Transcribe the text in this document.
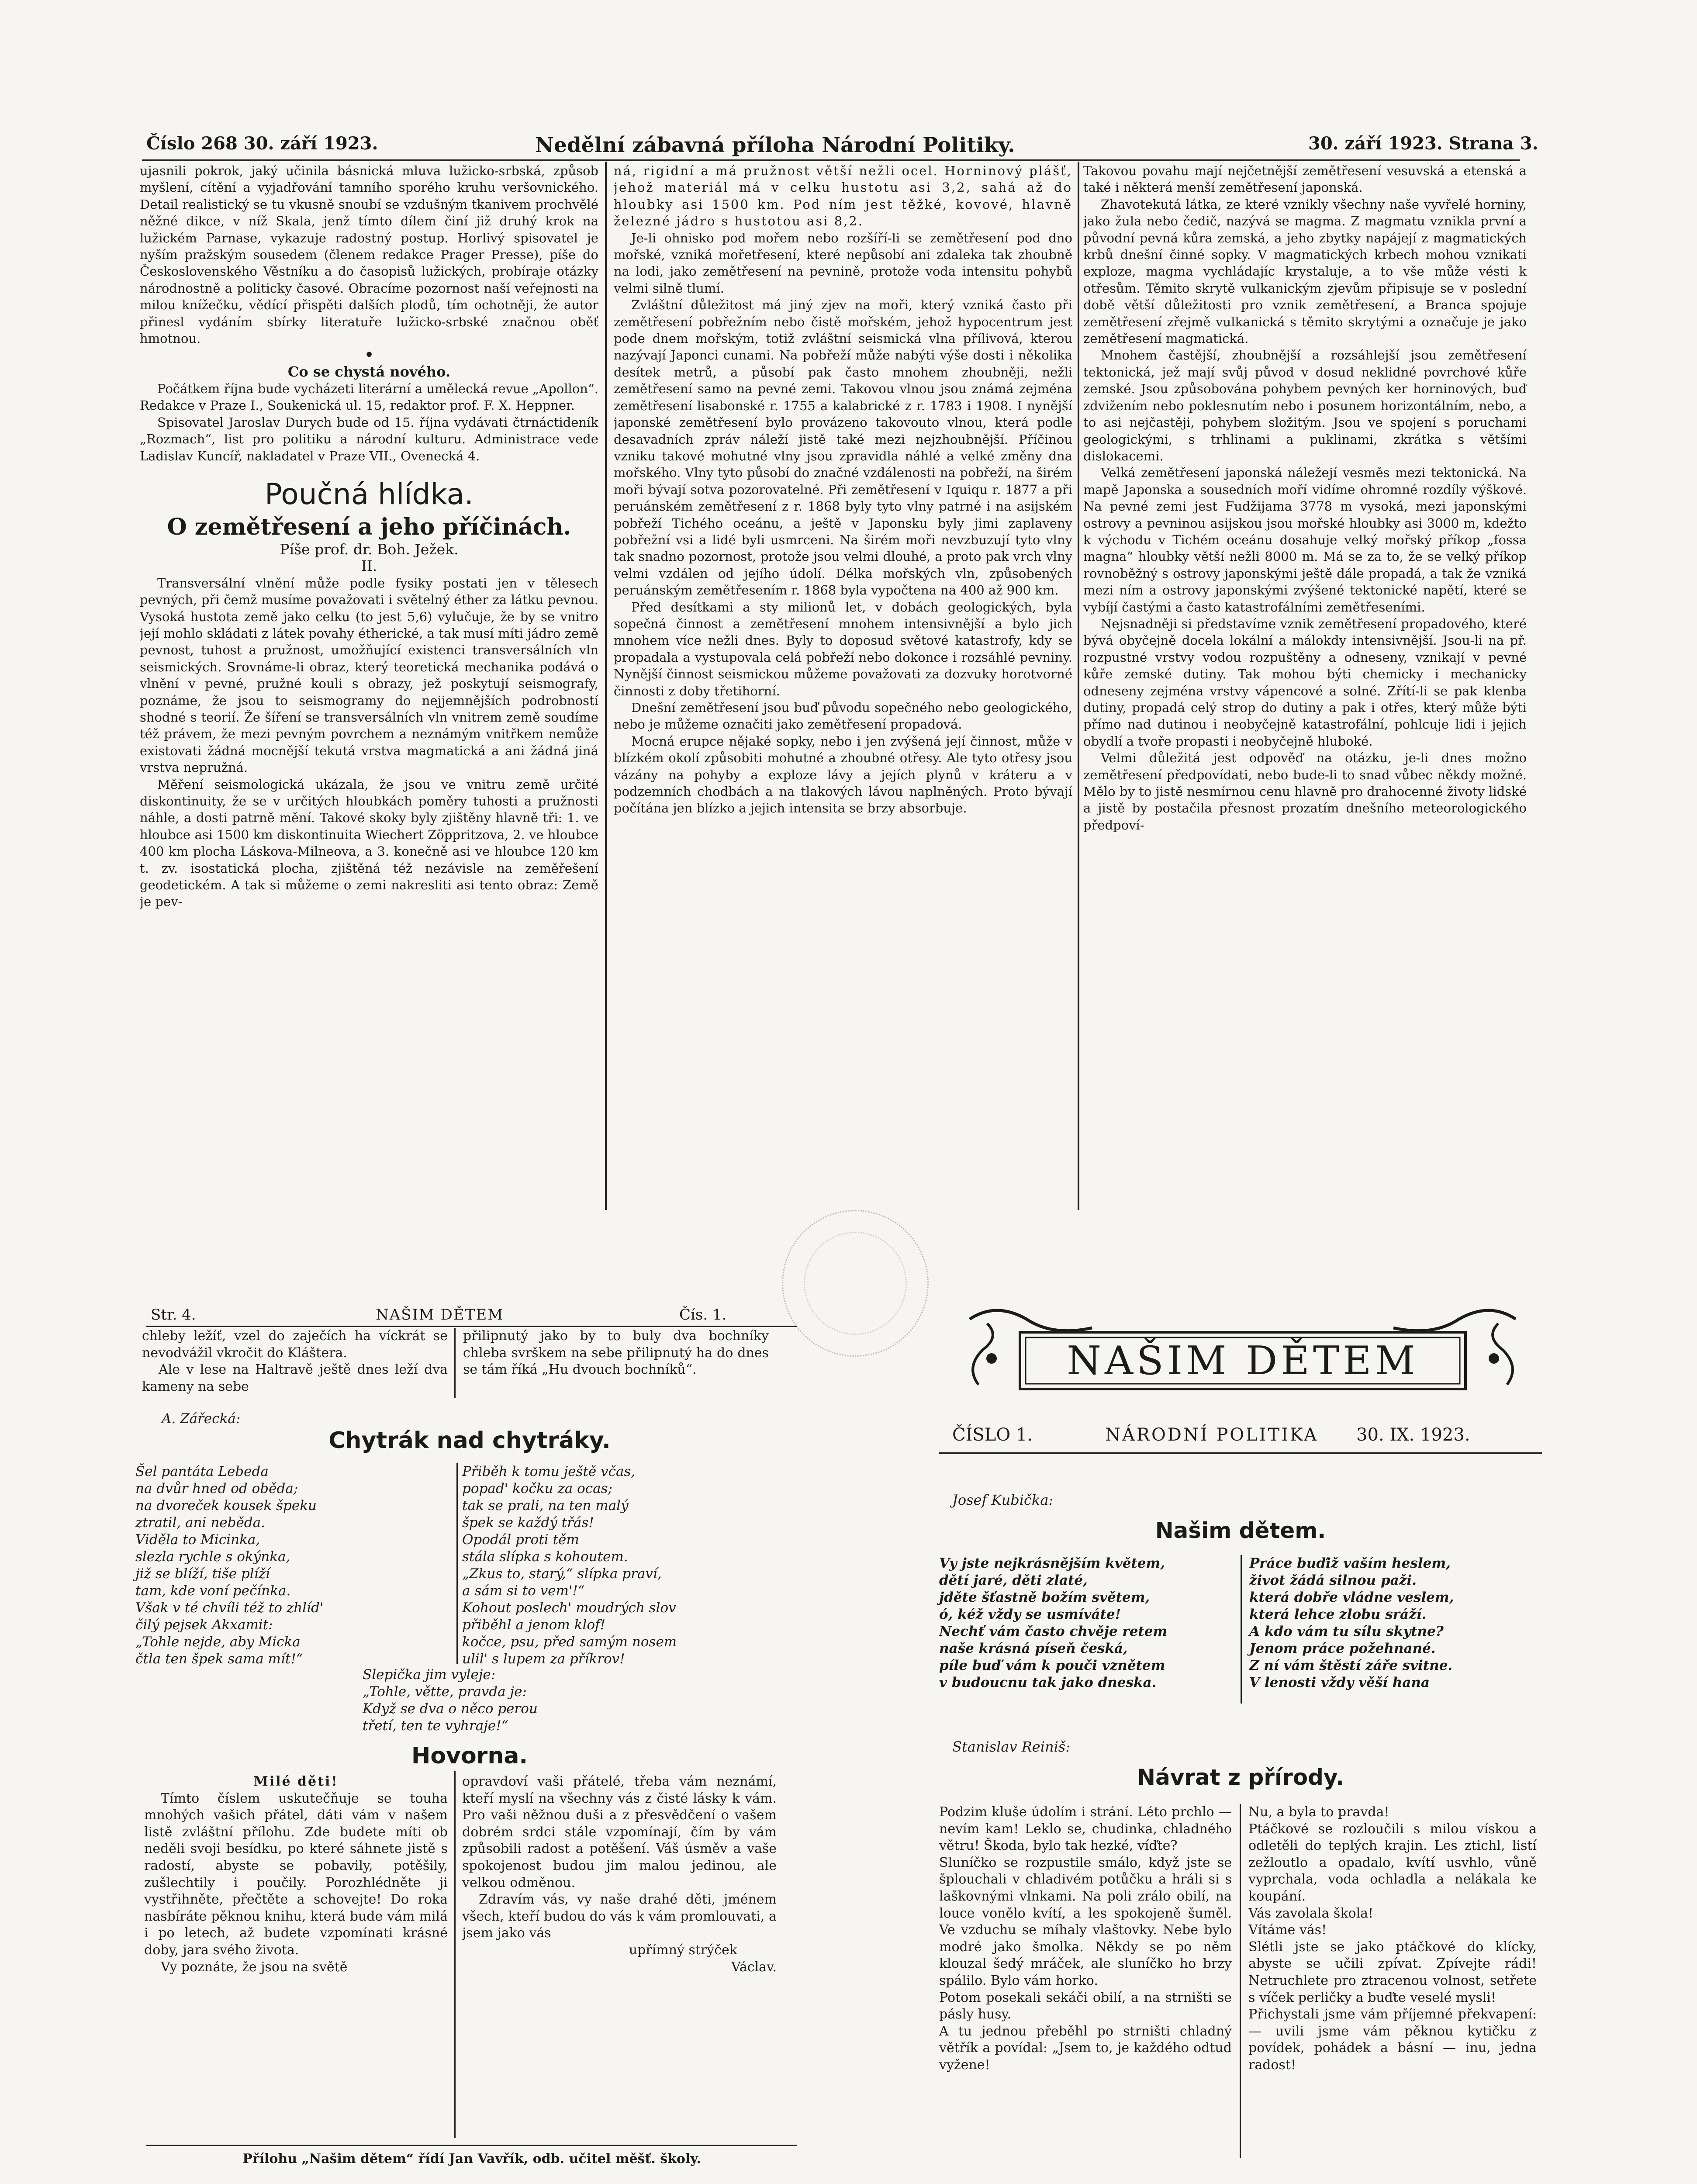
Číslo 268 30. září 1923.	Nedělní zábavná příloha Národní Politiky.	30. září 1923. Strana 3.

ujasnili pokrok, jaký učinila básnická mluva lužicko-srbská, způsob myšlení, cítění a vyjadřování tamního sporého kruhu veršovnického. Detail realistický se tu vkusně snoubí se vzdušným tkanivem prochvělé něžné dikce, v níž Skala, jenž tímto dílem činí již druhý krok na lužickém Parnase, vykazuje radostný postup. Horlivý spisovatel je nyším pražským sousedem (členem redakce Prager Presse), píše do Československého Věstníku a do časopisů lužických, probíraje otázky národnostně a politicky časové. Obracíme pozornost naší veřejnosti na milou knížečku, vědící přispěti dalších plodů, tím ochotněji, že autor přinesl vydáním sbírky literatuře lužicko-srbské značnou oběť hmotnou.

•

Co se chystá nového.

Počátkem října bude vycházeti literární a umělecká revue „Apollon“. Redakce v Praze I., Soukenická ul. 15, redaktor prof. F. X. Heppner.

Spisovatel Jaroslav Durych bude od 15. října vydávati čtrnáctideník „Rozmach“, list pro politiku a národní kulturu. Administrace vede Ladislav Kuncíř, nakladatel v Praze VII., Ovenecká 4.

Poučná hlídka.

O zemětřesení a jeho příčinách.

Píše prof. dr. Boh. Ježek.

II.

Transversální vlnění může podle fysiky postati jen v tělesech pevných, při čemž musíme považovati i světelný éther za látku pevnou. Vysoká hustota země jako celku (to jest 5,6) vylučuje, že by se vnitro její mohlo skládati z látek povahy étherické, a tak musí míti jádro země pevnost, tuhost a pružnost, umožňující existenci transversálních vln seismických. Srovnáme-li obraz, který teoretická mechanika podává o vlnění v pevné, pružné kouli s obrazy, jež poskytují seismografy, poznáme, že jsou to seismogramy do nejjemnějších podrobností shodné s teorií. Že šíření se transversálních vln vnitrem země soudíme též právem, že mezi pevným povrchem a neznámým vnitřkem nemůže existovati žádná mocnější tekutá vrstva magmatická a ani žádná jiná vrstva nepružná.

Měření seismologická ukázala, že jsou ve vnitru země určité diskontinuity, že se v určitých hloubkách poměry tuhosti a pružnosti náhle, a dosti patrně mění. Takové skoky byly zjištěny hlavně tři: 1. ve hloubce asi 1500 km diskontinuita Wiechert Zöppritzova, 2. ve hloubce 400 km plocha Láskova-Milneova, a 3. konečně asi ve hloubce 120 km t. zv. isostatická plocha, zjištěná též nezávisle na zeměřešení geodetickém. A tak si můžeme o zemi nakresliti asi tento obraz: Země je pev-

ná, rigidní a má pružnost větší nežli ocel. Horninový plášť, jehož materiál má v celku hustotu asi 3,2, sahá až do hloubky asi 1500 km. Pod ním jest těžké, kovové, hlavně železné jádro s hustotou asi 8,2.

Je-li ohnisko pod mořem nebo rozšíří-li se zemětřesení pod dno mořské, vzniká mořetřesení, které nepůsobí ani zdaleka tak zhoubně na lodi, jako zemětřesení na pevnině, protože voda intensitu pohybů velmi silně tlumí.

Zvláštní důležitost má jiný zjev na moři, který vzniká často při zemětřesení pobřežním nebo čistě mořském, jehož hypocentrum jest pode dnem mořským, totiž zvláštní seismická vlna přílivová, kterou nazývají Japonci cunami. Na pobřeží může nabýti výše dosti i několika desítek metrů, a působí pak často mnohem zhoubněji, nežli zemětřesení samo na pevné zemi. Takovou vlnou jsou známá zejména zemětřesení lisabonské r. 1755 a kalabrické z r. 1783 i 1908. I nynější japonské zemětřesení bylo provázeno takovouto vlnou, která podle desavadních zpráv náleží jistě také mezi nejzhoubnější. Příčinou vzniku takové mohutné vlny jsou zpravidla náhlé a velké změny dna mořského. Vlny tyto působí do značné vzdálenosti na pobřeží, na širém moři bývají sotva pozorovatelné. Při zemětřesení v Iquiqu r. 1877 a při peruánském zemětřesení z r. 1868 byly tyto vlny patrné i na asijském pobřeží Tichého oceánu, a ještě v Japonsku byly jimi zaplaveny pobřežní vsi a lidé byli usmrceni. Na širém moři nevzbuzují tyto vlny tak snadno pozornost, protože jsou velmi dlouhé, a proto pak vrch vlny velmi vzdálen od jejího údolí. Délka mořských vln, způsobených peruánským zemětřesením r. 1868 byla vypočtena na 400 až 900 km.

Před desítkami a sty milionů let, v dobách geologických, byla sopečná činnost a zemětřesení mnohem intensivnější a bylo jich mnohem více nežli dnes. Byly to doposud světové katastrofy, kdy se propadala a vystupovala celá pobřeží nebo dokonce i rozsáhlé pevniny. Nynější činnost seismickou můžeme považovati za dozvuky horotvorné činnosti z doby třetihorní.

Dnešní zemětřesení jsou buď původu sopečného nebo geologického, nebo je můžeme označiti jako zemětřesení propadová.

Mocná erupce nějaké sopky, nebo i jen zvýšená její činnost, může v blízkém okolí způsobiti mohutné a zhoubné otřesy. Ale tyto otřesy jsou vázány na pohyby a exploze lávy a jejích plynů v kráteru a v podzemních chodbách a na tlakových lávou naplněných. Proto bývají počítána jen blízko a jejich intensita se brzy absorbuje.

Takovou povahu mají nejčetnější zemětřesení vesuvská a etenská a také i některá menší zemětřesení japonská.

Zhavotekutá látka, ze které vznikly všechny naše vyvřelé horniny, jako žula nebo čedič, nazývá se magma. Z magmatu vznikla první a původní pevná kůra zemská, a jeho zbytky napájejí z magmatických krbů dnešní činné sopky. V magmatických krbech mohou vznikati exploze, magma vychládajíc krystaluje, a to vše může vésti k otřesům. Těmito skrytě vulkanickým zjevům připisuje se v poslední době větší důležitosti pro vznik zemětřesení, a Branca spojuje zemětřesení zřejmě vulkanická s těmito skrytými a označuje je jako zemětřesení magmatická.

Mnohem častější, zhoubnější a rozsáhlejší jsou zemětřesení tektonická, jež mají svůj původ v dosud neklidné povrchové kůře zemské. Jsou způsobována pohybem pevných ker horninových, buď zdvižením nebo poklesnutím nebo i posunem horizontálním, nebo, a to asi nejčastěji, pohybem složitým. Jsou ve spojení s poruchami geologickými, s trhlinami a puklinami, zkrátka s většími dislokacemi.

Velká zemětřesení japonská náležejí vesměs mezi tektonická. Na mapě Japonska a sousedních moří vidíme ohromné rozdíly výškové. Na pevné zemi jest Fudžijama 3778 m vysoká, mezi japonskými ostrovy a pevninou asijskou jsou mořské hloubky asi 3000 m, kdežto k východu v Tichém oceánu dosahuje velký mořský příkop „fossa magna“ hloubky větší nežli 8000 m. Má se za to, že se velký příkop rovnoběžný s ostrovy japonskými ještě dále propadá, a tak že vzniká mezi ním a ostrovy japonskými zvýšené tektonické napětí, které se vybíjí častými a často katastrofálními zemětřeseními.

Nejsnadněji si představíme vznik zemětřesení propadového, které bývá obyčejně docela lokální a málokdy intensivnější. Jsou-li na př. rozpustné vrstvy vodou rozpuštěny a odneseny, vznikají v pevné kůře zemské dutiny. Tak mohou býti chemicky i mechanicky odneseny zejména vrstvy vápencové a solné. Zřítí-li se pak klenba dutiny, propadá celý strop do dutiny a pak i otřes, který může býti přímo nad dutinou i neobyčejně katastrofální, pohlcuje lidi i jejich obydlí a tvoře propasti i neobyčejně hluboké.

Velmi důležitá jest odpověď na otázku, je-li dnes možno zemětřesení předpovídati, nebo bude-li to snad vůbec někdy možné. Mělo by to jistě nesmírnou cenu hlavně pro drahocenné životy lidské a jistě by postačila přesnost prozatím dnešního meteorologického předpoví-

Str. 4.	NAŠIM DĚTEM	Čís. 1.

chleby ležíť, vzel do zaječích ha víckrát se nevodvážil vkročit do Kláštera.

Ale v lese na Haltravě ještě dnes leží dva kameny na sebe

přilipnutý jako by to buly dva bochníky chleba svrškem na sebe přilipnutý ha do dnes se tám říká „Hu dvouch bochníků“.

A. Zářecká:
Chytrák nad chytráky.
Šel pantáta Lebeda
na dvůr hned od oběda;
na dvoreček kousek špeku
ztratil, ani neběda.
Viděla to Micinka,
slezla rychle s okýnka,
již se blíží, tiše plíží
tam, kde voní pečínka.
Však v té chvíli též to zhlíd'
čilý pejsek Akxamit:
„Tohle nejde, aby Micka
čtla ten špek sama mít!“
Přiběh k tomu ještě včas,
popad' kočku za ocas;
tak se prali, na ten malý
špek se každý třás!
Opodál proti těm
stála slípka s kohoutem.
„Zkus to, starý,“ slípka praví,
a sám si to vem'!“
Kohout poslech' moudrých slov
přiběhl a jenom klof!
kočce, psu, před samým nosem
ulil' s lupem za příkrov!
Slepička jim vyleje:
„Tohle, větte, pravda je:
Když se dva o něco perou
třetí, ten te vyhraje!“
Hovorna.

Milé děti!

Tímto číslem uskutečňuje se touha mnohých vašich přátel, dáti vám v našem listě zvláštní přílohu. Zde budete míti ob neděli svoji besídku, po které sáhnete jistě s radostí, abyste se pobavily, potěšily, zušlechtily i poučily. Porozhlédněte ji vystřihněte, přečtěte a schovejte! Do roka nasbíráte pěknou knihu, která bude vám milá i po letech, až budete vzpomínati krásné doby, jara svého života.

Vy poznáte, že jsou na světě

opravdoví vaši přátelé, třeba vám neznámí, kteří myslí na všechny vás z čisté lásky k vám. Pro vaši něžnou duši a z přesvědčení o vašem dobrém srdci stále vzpomínají, čím by vám způsobili radost a potěšení. Váš úsměv a vaše spokojenost budou jim malou jedinou, ale velkou odměnou.

Zdravím vás, vy naše drahé děti, jménem všech, kteří budou do vás k vám promlouvati, a jsem jako vás

upřímný strýček

Václav.

Přílohu „Našim dětem“ řídí Jan Vavřík, odb. učitel měšť. školy.
NAŠIM DĚTEM
ČÍSLO 1.	NÁRODNÍ POLITIKA 30. IX. 1923.
Josef Kubička:
Našim dětem.
Vy jste nejkrásnějším květem,
dětí jaré, děti zlaté,
jděte šťastně božím světem,
ó, kéž vždy se usmíváte!
Nechť vám často chvěje retem
naše krásná píseň česká,
píle buď vám k pouči vznětem
v budoucnu tak jako dneska.
Práce buďiž vaším heslem,
život žádá silnou paži.
která dobře vládne veslem,
která lehce zlobu sráží.
A kdo vám tu sílu skytne?
Jenom práce požehnané.
Z ní vám štěstí záře svitne.
V lenosti vždy věší hana
Stanislav Reiniš:
Návrat z přírody.
Podzim kluše údolím i strání. Léto prchlo — nevím kam! Leklo se, chudinka, chladného větru! Škoda, bylo tak hezké, víďte?
Sluníčko se rozpustile smálo, když jste se šplouchali v chladivém potůčku a hráli si s laškovnými vlnkami. Na poli zrálo obilí, na louce vonělo kvítí, a les spokojeně šuměl. Ve vzduchu se míhaly vlaštovky. Nebe bylo modré jako šmolka. Někdy se po něm klouzal šedý mráček, ale sluníčko ho brzy spálilo. Bylo vám horko.
Potom posekali sekáči obilí, a na strništi se pásly husy.
A tu jednou přeběhl po strništi chladný větřík a povídal: „Jsem to, je každého odtud vyžene!
Nu, a byla to pravda!
Ptáčkové se rozloučili s milou vískou a odletěli do teplých krajin. Les ztichl, listí zežloutlo a opadalo, kvítí usvhlo, vůně vyprchala, voda ochladla a nelákala ke koupání.
Vás zavolala škola!
Vítáme vás!
Slétli jste se jako ptáčkové do klícky, abyste se učili zpívat. Zpívejte rádi! Netruchlete pro ztracenou volnost, setřete s víček perličky a buďte veselé mysli!
Přichystali jsme vám příjemné překvapení: — uvili jsme vám pěknou kytičku z povídek, pohádek a básní — inu, jedna radost!
